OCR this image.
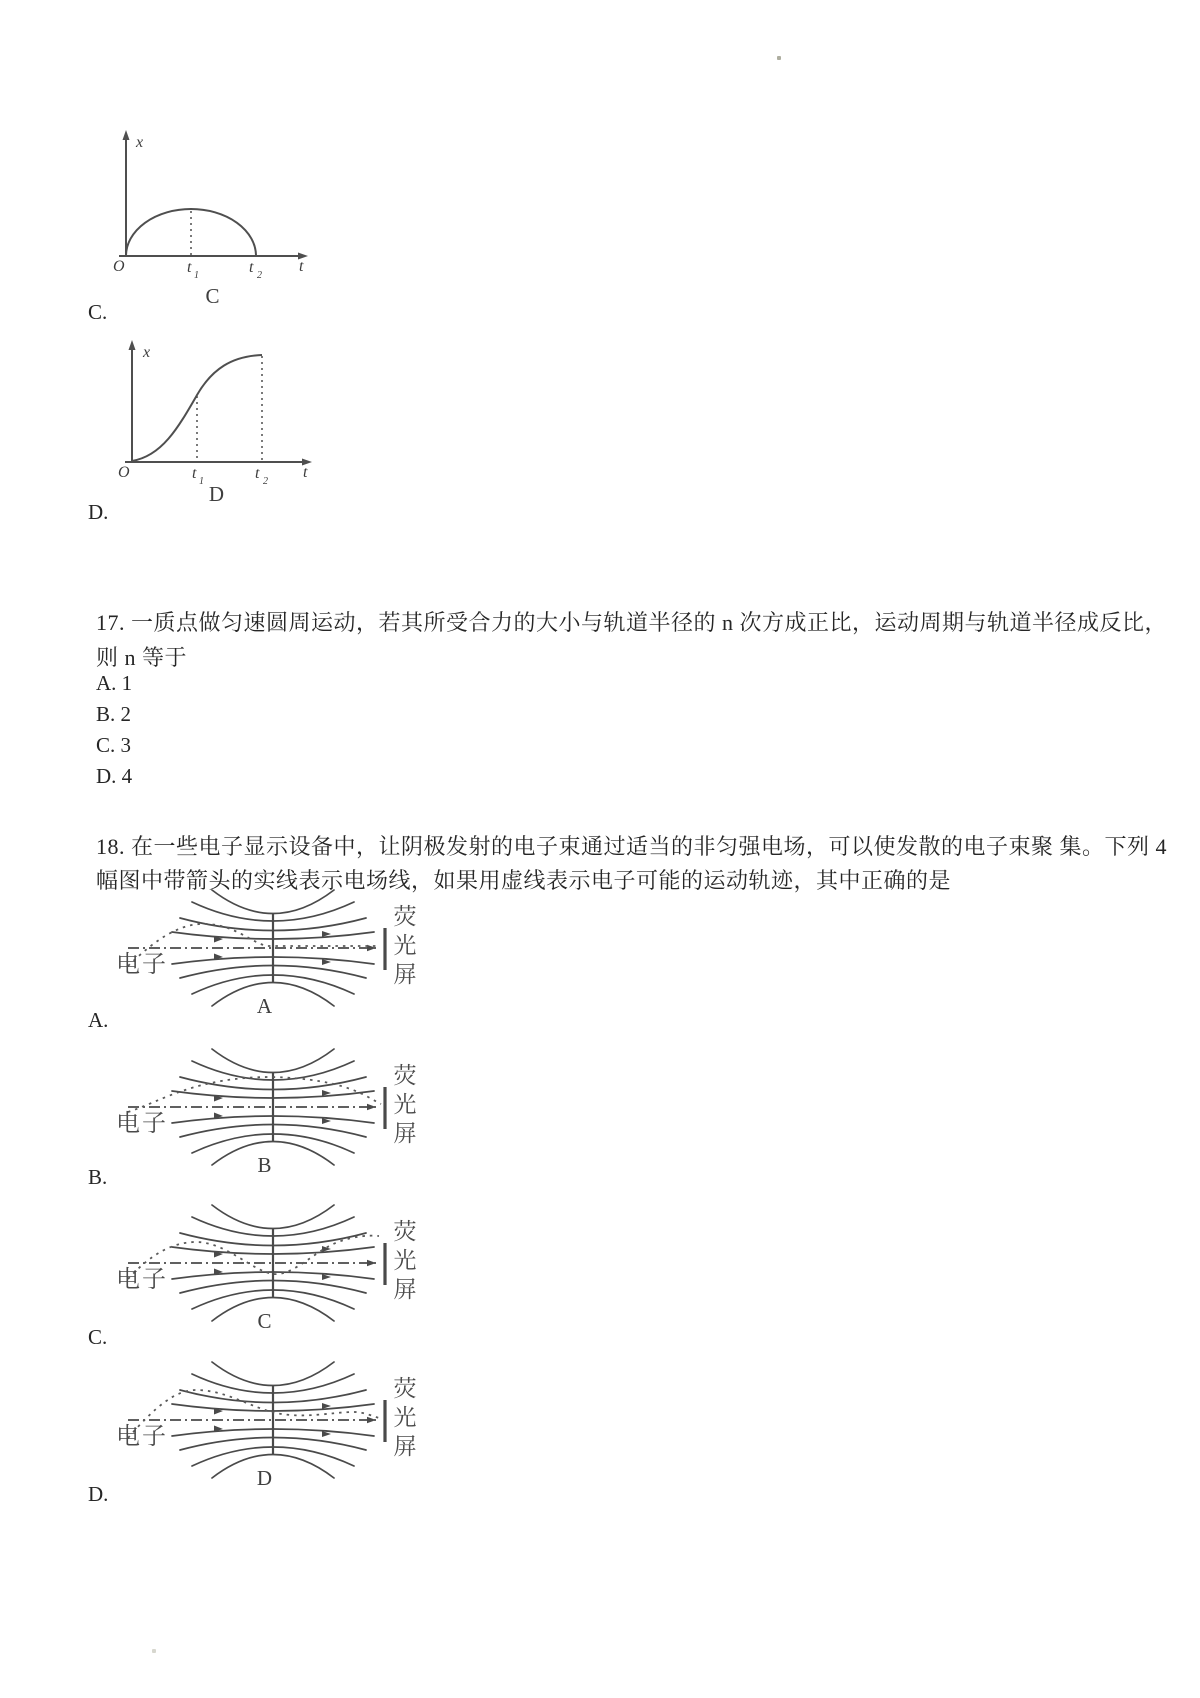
x
O	t 1	t 2
t
C
C.
x
O	t 1	t 2
t
D
D.
17. 一质点做匀速圆周运动，若其所受合力的大小与轨道半径的 n 次方成正比，运动周期与轨道半径成反比，
则 n 等于
A. 1
B. 2
C. 3
D. 4
18. 在一些电子显示设备中，让阴极发射的电子束通过适当的非匀强电场，可以使发散的电子束聚 集。下列 4
幅图中带箭头的实线表示电场线，如果用虚线表示电子可能的运动轨迹，其中正确的是
电子
荧光屏
A
A.
电子
荧光屏
B
B.
电子
荧光屏
C
C.
电子
荧光屏
D
D.
